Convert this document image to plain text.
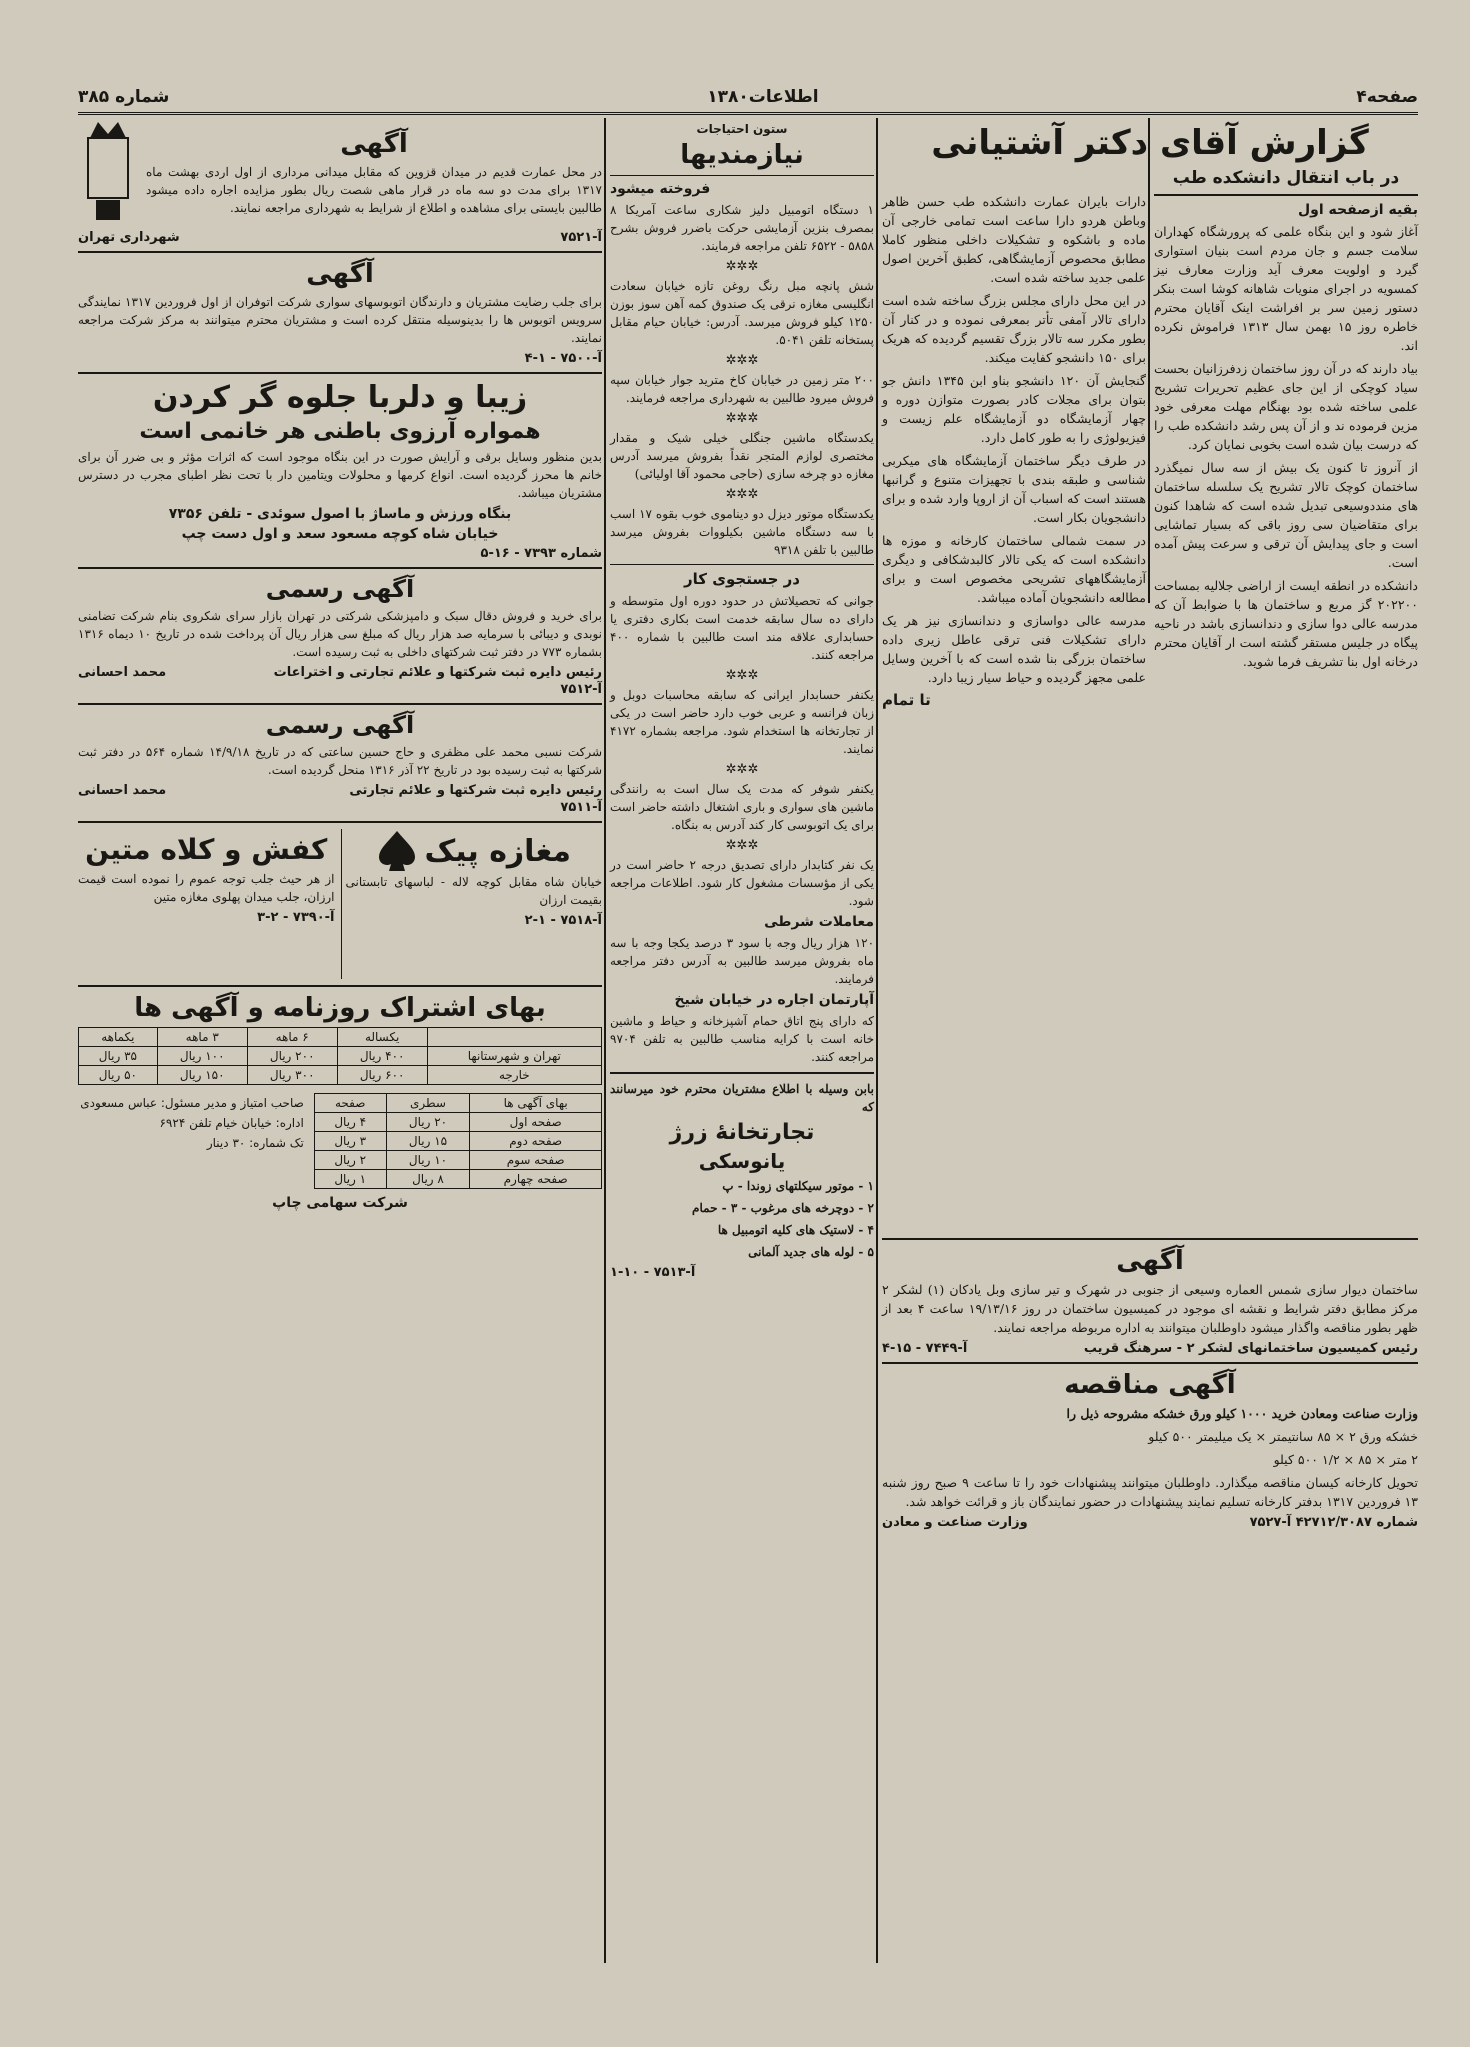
صفحه۴
اطلاعات۱۳۸۰
شماره ۳۸۵
گزارش آقای دکتر آشتیانی
در باب انتقال دانشکده طب
بقیه ازصفحه اول

آغاز شود و این بنگاه علمی که پرورشگاه کهداران سلامت جسم و جان مردم است بنیان استواری گیرد و اولویت معرف آید وزارت معارف نیز کمسویه در اجرای منویات شاهانه کوشا است بنکر دستور زمین سر بر افراشت اینک آقایان محترم خاطره روز ۱۵ بهمن سال ۱۳۱۳ فراموش نکرده اند.

بیاد دارند که در آن روز ساختمان زدفرزانیان بحست سیاد کوچکی از این جای عظیم تحریرات تشریح علمی ساخته شده بود بهنگام مهلت معرفی خود مزین فرموده ند و از آن پس رشد دانشکده طب را که درست بیان شده است بخوبی نمایان کرد.

از آنروز تا کنون یک بیش از سه سال نمیگذرد ساختمان کوچک تالار تشریح یک سلسله ساختمان های منددوسیعی تبدیل شده است که شاهدا کنون برای متقاضیان سی روز باقی که بسیار تماشایی است و جای پیدایش آن ترقی و سرعت پیش آمده است.

دانشکده در انطقه ایست از اراضی جلالیه بمساحت ۲۰۲۲۰۰ گز مربع و ساختمان ها با ضوابط آن که مدرسه عالی دوا سازی و دندانسازی باشد در ناحیه پیگاه در جلیس مستقر گشته است ار آقایان محترم درخانه اول بنا تشریف فرما شوید.

دارات بایران عمارت دانشکده طب حسن ظاهر وباطن هردو دارا ساعت است تمامی خارجی آن ماده و باشکوه و تشکیلات داخلی منظور کاملا مطابق محصوص آزمایشگاهی، کطبق آخرین اصول علمی جدید ساخته شده است.

در این محل دارای مجلس بزرگ ساخته شده است دارای تالار آمفی تأتر بمعرفی نموده و در کنار آن بطور مکرر سه تالار بزرگ تقسیم گردیده که هریک برای ۱۵۰ دانشجو کفایت میکند.

گنجایش آن ۱۲۰ دانشجو بناو ابن ۱۳۴۵ دانش جو بتوان برای مجلات کادر بصورت متوازن دوره و چهار آزمایشگاه دو آزمایشگاه علم زیست و فیزیولوژی را به طور کامل دارد.

در طرف دیگر ساختمان آزمایشگاه های میکربی شناسی و طبقه بندی با تجهیزات متنوع و گرانبها هستند است که اسباب آن از اروپا وارد شده و برای دانشجویان بکار است.

در سمت شمالی ساختمان کارخانه و موزه ها دانشکده است که یکی تالار کالبدشکافی و دیگری آزمایشگاههای تشریحی مخصوص است و برای مطالعه دانشجویان آماده میباشد.

مدرسه عالی دواسازی و دندانسازی نیز هر یک دارای تشکیلات فنی ترقی عاطل زیری داده ساختمان بزرگی بنا شده است که با آخرین وسایل علمی مجهز گردیده و حیاط سیار زیبا دارد.

تا تمام
آگهی

ساختمان دیوار سازی شمس العماره وسیعی از جنوبی در شهرک و تیر سازی وبل یادکان (۱) لشکر ۲ مرکز مطابق دفتر شرایط و نقشه ای موجود در کمیسیون ساختمان در روز ۱۹/۱۳/۱۶ ساعت ۴ بعد از ظهر بطور مناقصه واگذار میشود داوطلبان میتوانند به اداره مربوطه مراجعه نمایند.

رئیس کمیسیون ساختمانهای لشکر ۲ - سرهنگ قریب
آ-۷۴۴۹ - ۱۵-۴
آگهی مناقصه

وزارت صناعت ومعادن خرید ۱۰۰۰ کیلو ورق خشکه مشروحه ذیل را

خشکه ورق ۲ × ۸۵ سانتیمتر × یک میلیمتر ۵۰۰ کیلو

۲ متر × ۸۵ × ۱/۲ ۵۰۰ کیلو

تحویل کارخانه کیسان مناقصه میگذارد. داوطلبان میتوانند پیشنهادات خود را تا ساعت ۹ صبح روز شنبه ۱۳ فروردین ۱۳۱۷ بدفتر کارخانه تسلیم نمایند پیشنهادات در حضور نمایندگان باز و قرائت خواهد شد.

شماره ۴۲۷۱۲/۳۰۸۷ آ-۷۵۲۷
وزارت صناعت و معادن
ستون احتیاجات
نیازمندیها
فروخته میشود

۱ دستگاه اتومبیل دلیز شکاری ساعت آمریکا ۸ بمصرف بنزین آزمایشی حرکت باضرر فروش بشرح ۵۸۵۸ - ۶۵۲۲ تلفن مراجعه فرمایند.

✲✲✲

شش پانچه مبل رنگ روغن تازه خیابان سعادت انگلیسی مغازه نرقی یک صندوق کمه آهن سوز بوزن ۱۲۵۰ کیلو فروش میرسد. آدرس: خیابان حیام مقابل پستخانه تلفن ۵۰۴۱.

✲✲✲

۲۰۰ متر زمین در خیابان کاخ مترید جوار خیابان سپه فروش میرود طالبین به شهرداری مراجعه فرمایند.

✲✲✲

یکدستگاه ماشین جنگلی خیلی شیک و مقدار مختصری لوازم المتجر نقداً بفروش میرسد آدرس مغازه دو چرخه سازی (حاجی محمود آقا اولیائی)

✲✲✲

یکدستگاه موتور دیزل دو دیناموی خوب بقوه ۱۷ اسب با سه دستگاه ماشین بکیلووات بفروش میرسد طالبین با تلفن ۹۳۱۸

در جستجوی کار

جوانی که تحصیلاتش در حدود دوره اول متوسطه و دارای ده سال سابقه خدمت است بکاری دفتری یا حسابداری علاقه مند است طالبین با شماره ۴۰۰ مراجعه کنند.

✲✲✲

یکنفر حسابدار ایرانی که سابقه محاسبات دوبل و زبان فرانسه و عربی خوب دارد حاضر است در یکی از تجارتخانه ها استخدام شود. مراجعه بشماره ۴۱۷۲ نمایند.

✲✲✲

یکنفر شوفر که مدت یک سال است به رانندگی ماشین های سواری و باری اشتغال داشته حاضر است برای یک اتوبوسی کار کند آدرس به بنگاه.

✲✲✲

یک نفر کتابدار دارای تصدیق درجه ۲ حاضر است در یکی از مؤسسات مشغول کار شود. اطلاعات مراجعه شود.

معاملات شرطی

۱۲۰ هزار ریال وجه با سود ۳ درصد یکجا وجه با سه ماه بفروش میرسد طالبین به آدرس دفتر مراجعه فرمایند.

آپارتمان اجاره در خیابان شیخ

که دارای پنج اتاق حمام آشپزخانه و حیاط و ماشین خانه است با کرایه مناسب طالبین به تلفن ۹۷۰۴ مراجعه کنند.

بابن وسیله با اطلاع مشتریان محترم خود میرسانند که

تجارتخانۀ زرژ
یانوسکی

۱ - موتور سیکلتهای زوندا - پ

۲ - دوچرخه های مرغوب - ۳ - حمام

۴ - لاستیک های کلیه اتومبیل ها

۵ - لوله های جدید آلمانی

آ-۷۵۱۳ - ۱۰-۱
آگهی

در محل عمارت قدیم در میدان قزوین که مقابل میدانی مرداری از اول اردی بهشت ماه ۱۳۱۷ برای مدت دو سه ماه در قرار ماهی شصت ریال بطور مزایده اجاره داده میشود طالبین بایستی برای مشاهده و اطلاع از شرایط به شهرداری مراجعه نمایند.

آ-۷۵۲۱
شهرداری تهران
آگهی

برای جلب رضایت مشتریان و دارندگان اتوبوسهای سواری شرکت اتوفران از اول فروردین ۱۳۱۷ نمایندگی سرویس اتوبوس ها را بدینوسیله منتقل کرده است و مشتریان محترم میتوانند به مرکز شرکت مراجعه نمایند.

آ-۷۵۰۰ - ۱-۴
زیبا و دلربا جلوه گر کردن
همواره آرزوی باطنی هر خانمی است

بدین منظور وسایل برقی و آرایش صورت در این بنگاه موجود است که اثرات مؤثر و بی ضرر آن برای خانم ها محرز گردیده است. انواع کرمها و محلولات ویتامین دار با تحت نظر اطبای مجرب در دسترس مشتریان میباشد.

بنگاه ورزش و ماساژ با اصول سوئدی - تلفن ۷۳۵۶
خیابان شاه کوچه مسعود سعد و اول دست چپ
شماره ۷۳۹۳ - ۱۶-۵
آگهی رسمی

برای خرید و فروش دقال سبک و دامپزشکی شرکتی در تهران بازار سرای شکروی بنام شرکت تضامنی نوبدی و دیبائی با سرمایه صد هزار ریال که مبلغ سی هزار ریال آن پرداخت شده در تاریخ ۱۰ دیماه ۱۳۱۶ بشماره ۷۷۳ در دفتر ثبت شرکتهای داخلی به ثبت رسیده است.

رئیس دایره ثبت شرکتها و علائم تجارتی و اختراعات
محمد احسانی
آ-۷۵۱۲
آگهی رسمی

شرکت نسبی محمد علی مظفری و حاج حسین ساعتی که در تاریخ ۱۴/۹/۱۸ شماره ۵۶۴ در دفتر ثبت شرکتها به ثبت رسیده بود در تاریخ ۲۲ آذر ۱۳۱۶ منحل گردیده است.

رئیس دایره ثبت شرکتها و علائم تجارتی
محمد احسانی
آ-۷۵۱۱
مغازه پیک

خیابان شاه مقابل کوچه لاله - لباسهای تابستانی بقیمت ارزان

آ-۷۵۱۸ - ۱-۲
کفش و کلاه متین

از هر حیث جلب توجه عموم را نموده است قیمت ارزان، جلب میدان پهلوی مغازه متین

آ-۷۳۹۰ - ۲-۳
بهای اشتراک روزنامه و آگهی ها
	یکساله	۶ ماهه	۳ ماهه	یکماهه
تهران و شهرستانها	۴۰۰ ریال	۲۰۰ ریال	۱۰۰ ریال	۳۵ ریال
خارجه	۶۰۰ ریال	۳۰۰ ریال	۱۵۰ ریال	۵۰ ریال
بهای آگهی ها	سطری	صفحه
صفحه اول	۲۰ ریال	۴ ریال
صفحه دوم	۱۵ ریال	۳ ریال
صفحه سوم	۱۰ ریال	۲ ریال
صفحه چهارم	۸ ریال	۱ ریال
صاحب امتیاز و مدیر مسئول: عباس مسعودی
اداره: خیابان خیام تلفن ۶۹۲۴
تک شماره: ۳۰ دینار
شرکت سهامی چاپ
